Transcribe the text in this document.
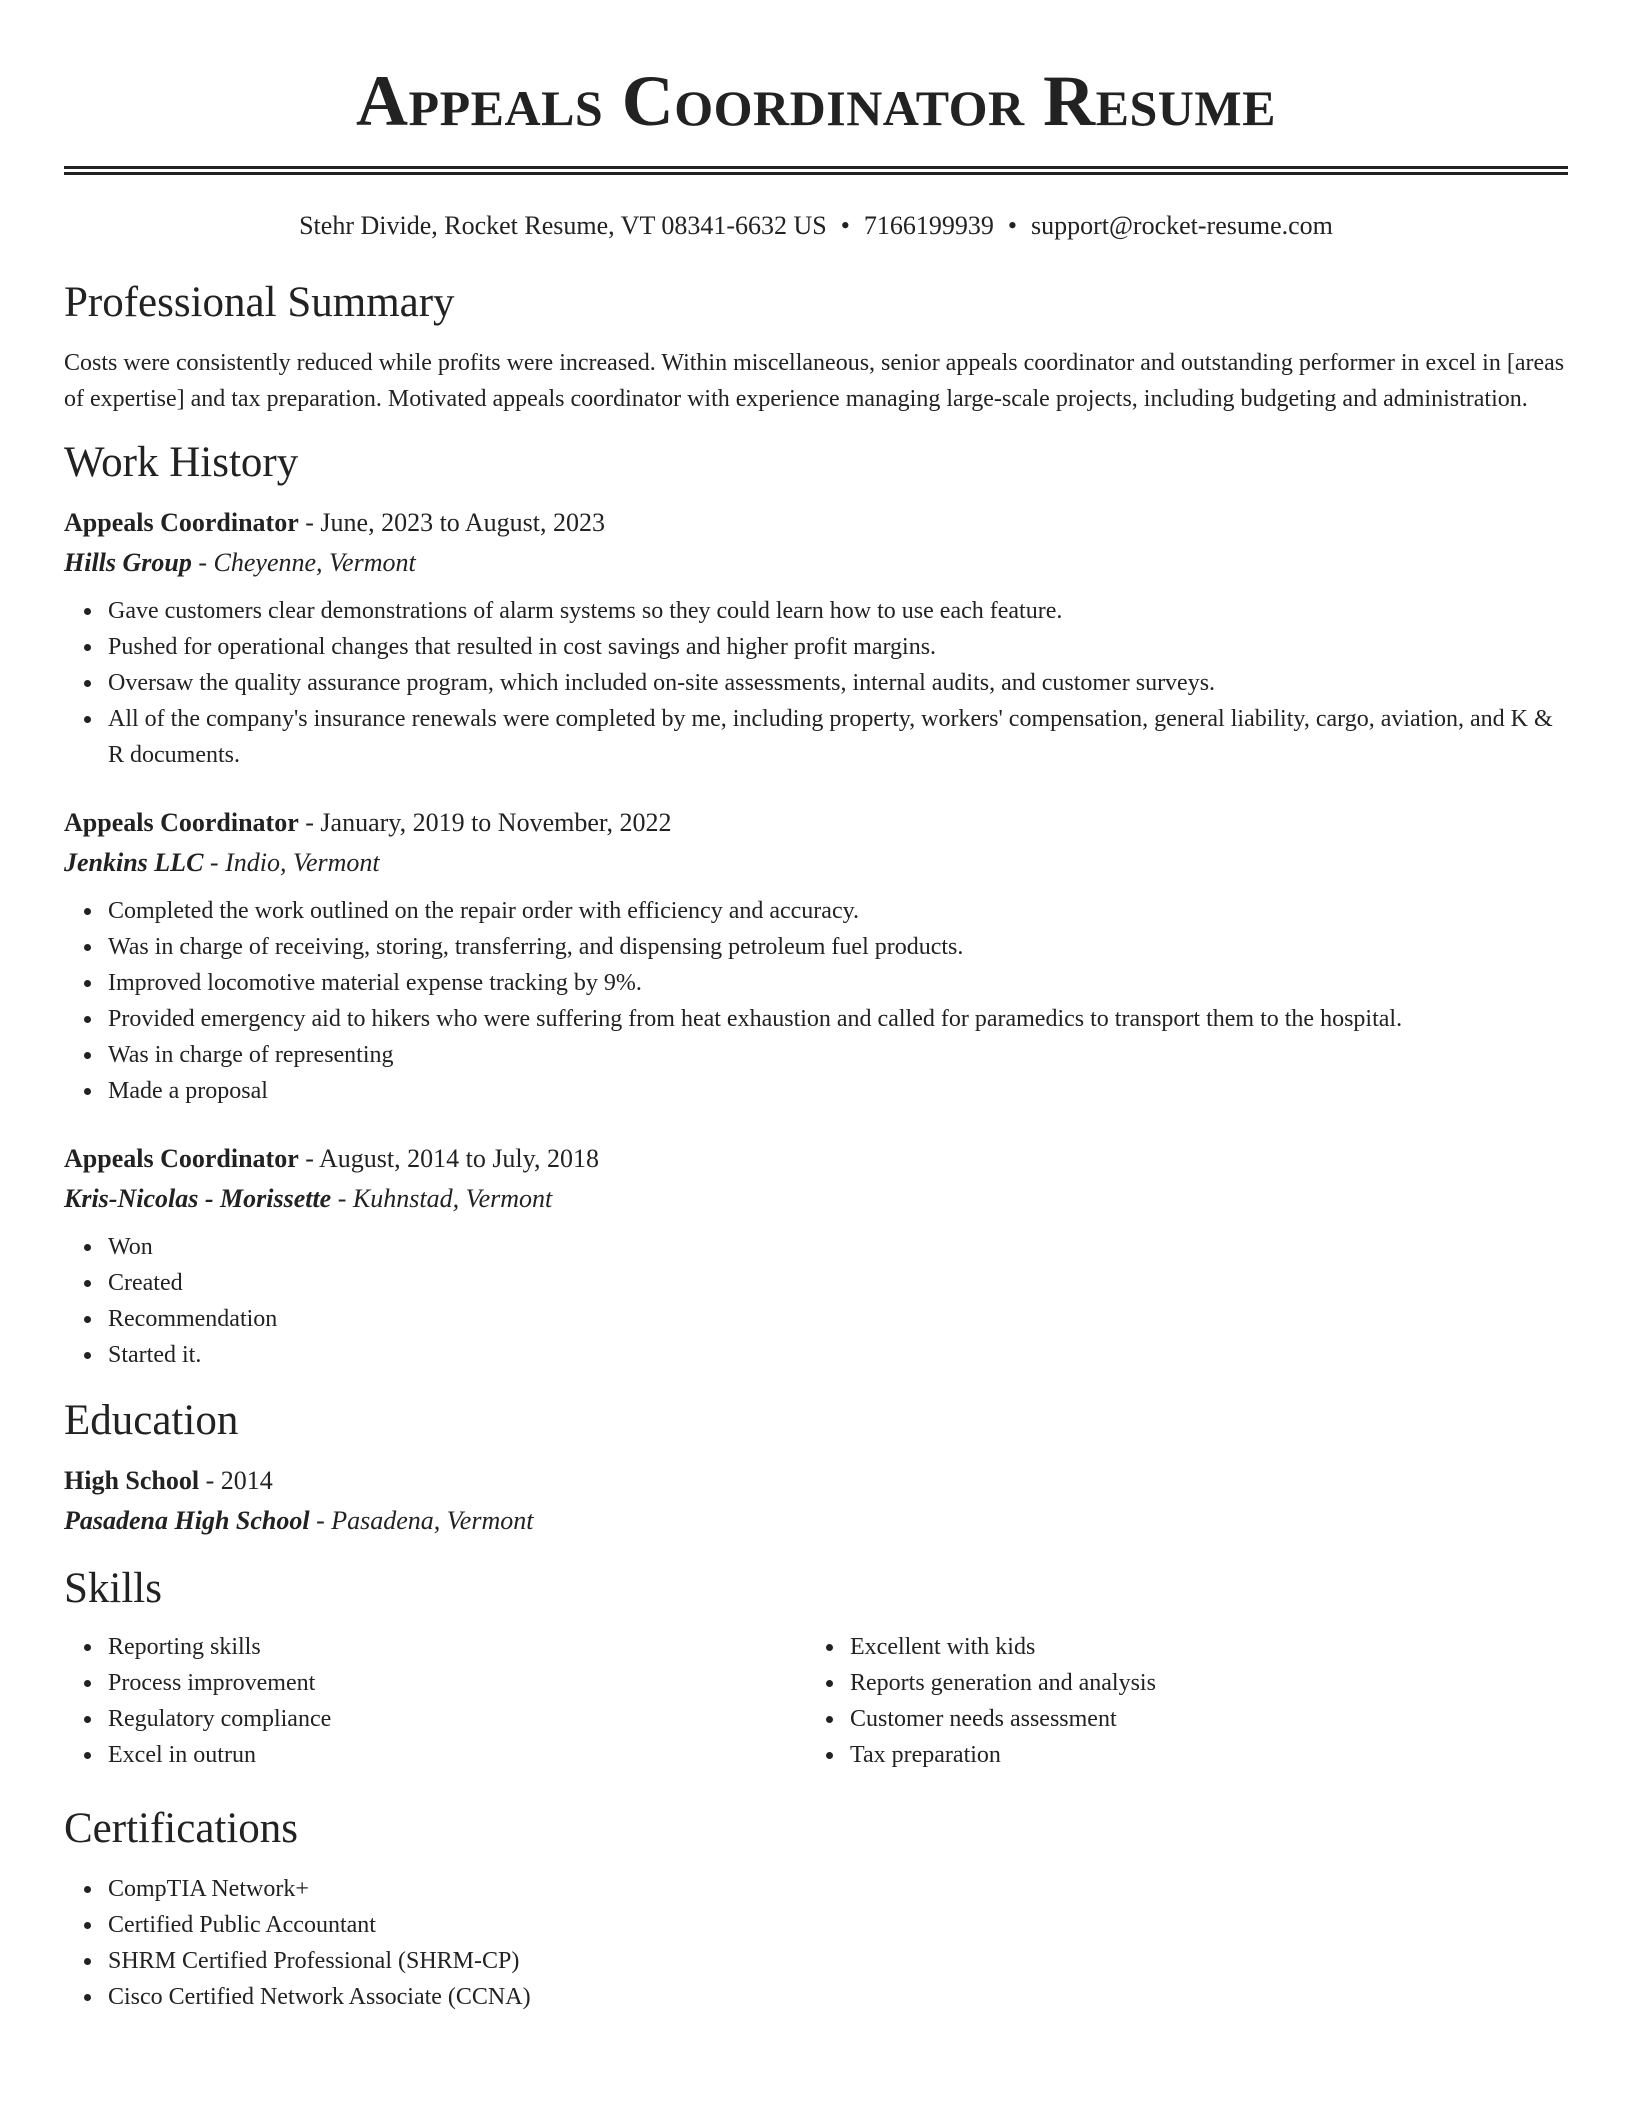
Appeals Coordinator Resume
Stehr Divide, Rocket Resume, VT 08341-6632 US • 7166199939 • support@rocket-resume.com
Professional Summary

Costs were consistently reduced while profits were increased. Within miscellaneous, senior appeals coordinator and outstanding performer in excel in [areas of expertise] and tax preparation. Motivated appeals coordinator with experience managing large-scale projects, including budgeting and administration.

Work History

Appeals Coordinator - June, 2023 to August, 2023

Hills Group - Cheyenne, Vermont

Gave customers clear demonstrations of alarm systems so they could learn how to use each feature.
Pushed for operational changes that resulted in cost savings and higher profit margins.
Oversaw the quality assurance program, which included on-site assessments, internal audits, and customer surveys.
All of the company's insurance renewals were completed by me, including property, workers' compensation, general liability, cargo, aviation, and K & R documents.

Appeals Coordinator - January, 2019 to November, 2022

Jenkins LLC - Indio, Vermont

Completed the work outlined on the repair order with efficiency and accuracy.
Was in charge of receiving, storing, transferring, and dispensing petroleum fuel products.
Improved locomotive material expense tracking by 9%.
Provided emergency aid to hikers who were suffering from heat exhaustion and called for paramedics to transport them to the hospital.
Was in charge of representing
Made a proposal

Appeals Coordinator - August, 2014 to July, 2018

Kris-Nicolas - Morissette - Kuhnstad, Vermont

Won
Created
Recommendation
Started it.
Education

High School - 2014

Pasadena High School - Pasadena, Vermont

Skills
Reporting skills
Process improvement
Regulatory compliance
Excel in outrun
Excellent with kids
Reports generation and analysis
Customer needs assessment
Tax preparation
Certifications
CompTIA Network+
Certified Public Accountant
SHRM Certified Professional (SHRM-CP)
Cisco Certified Network Associate (CCNA)
